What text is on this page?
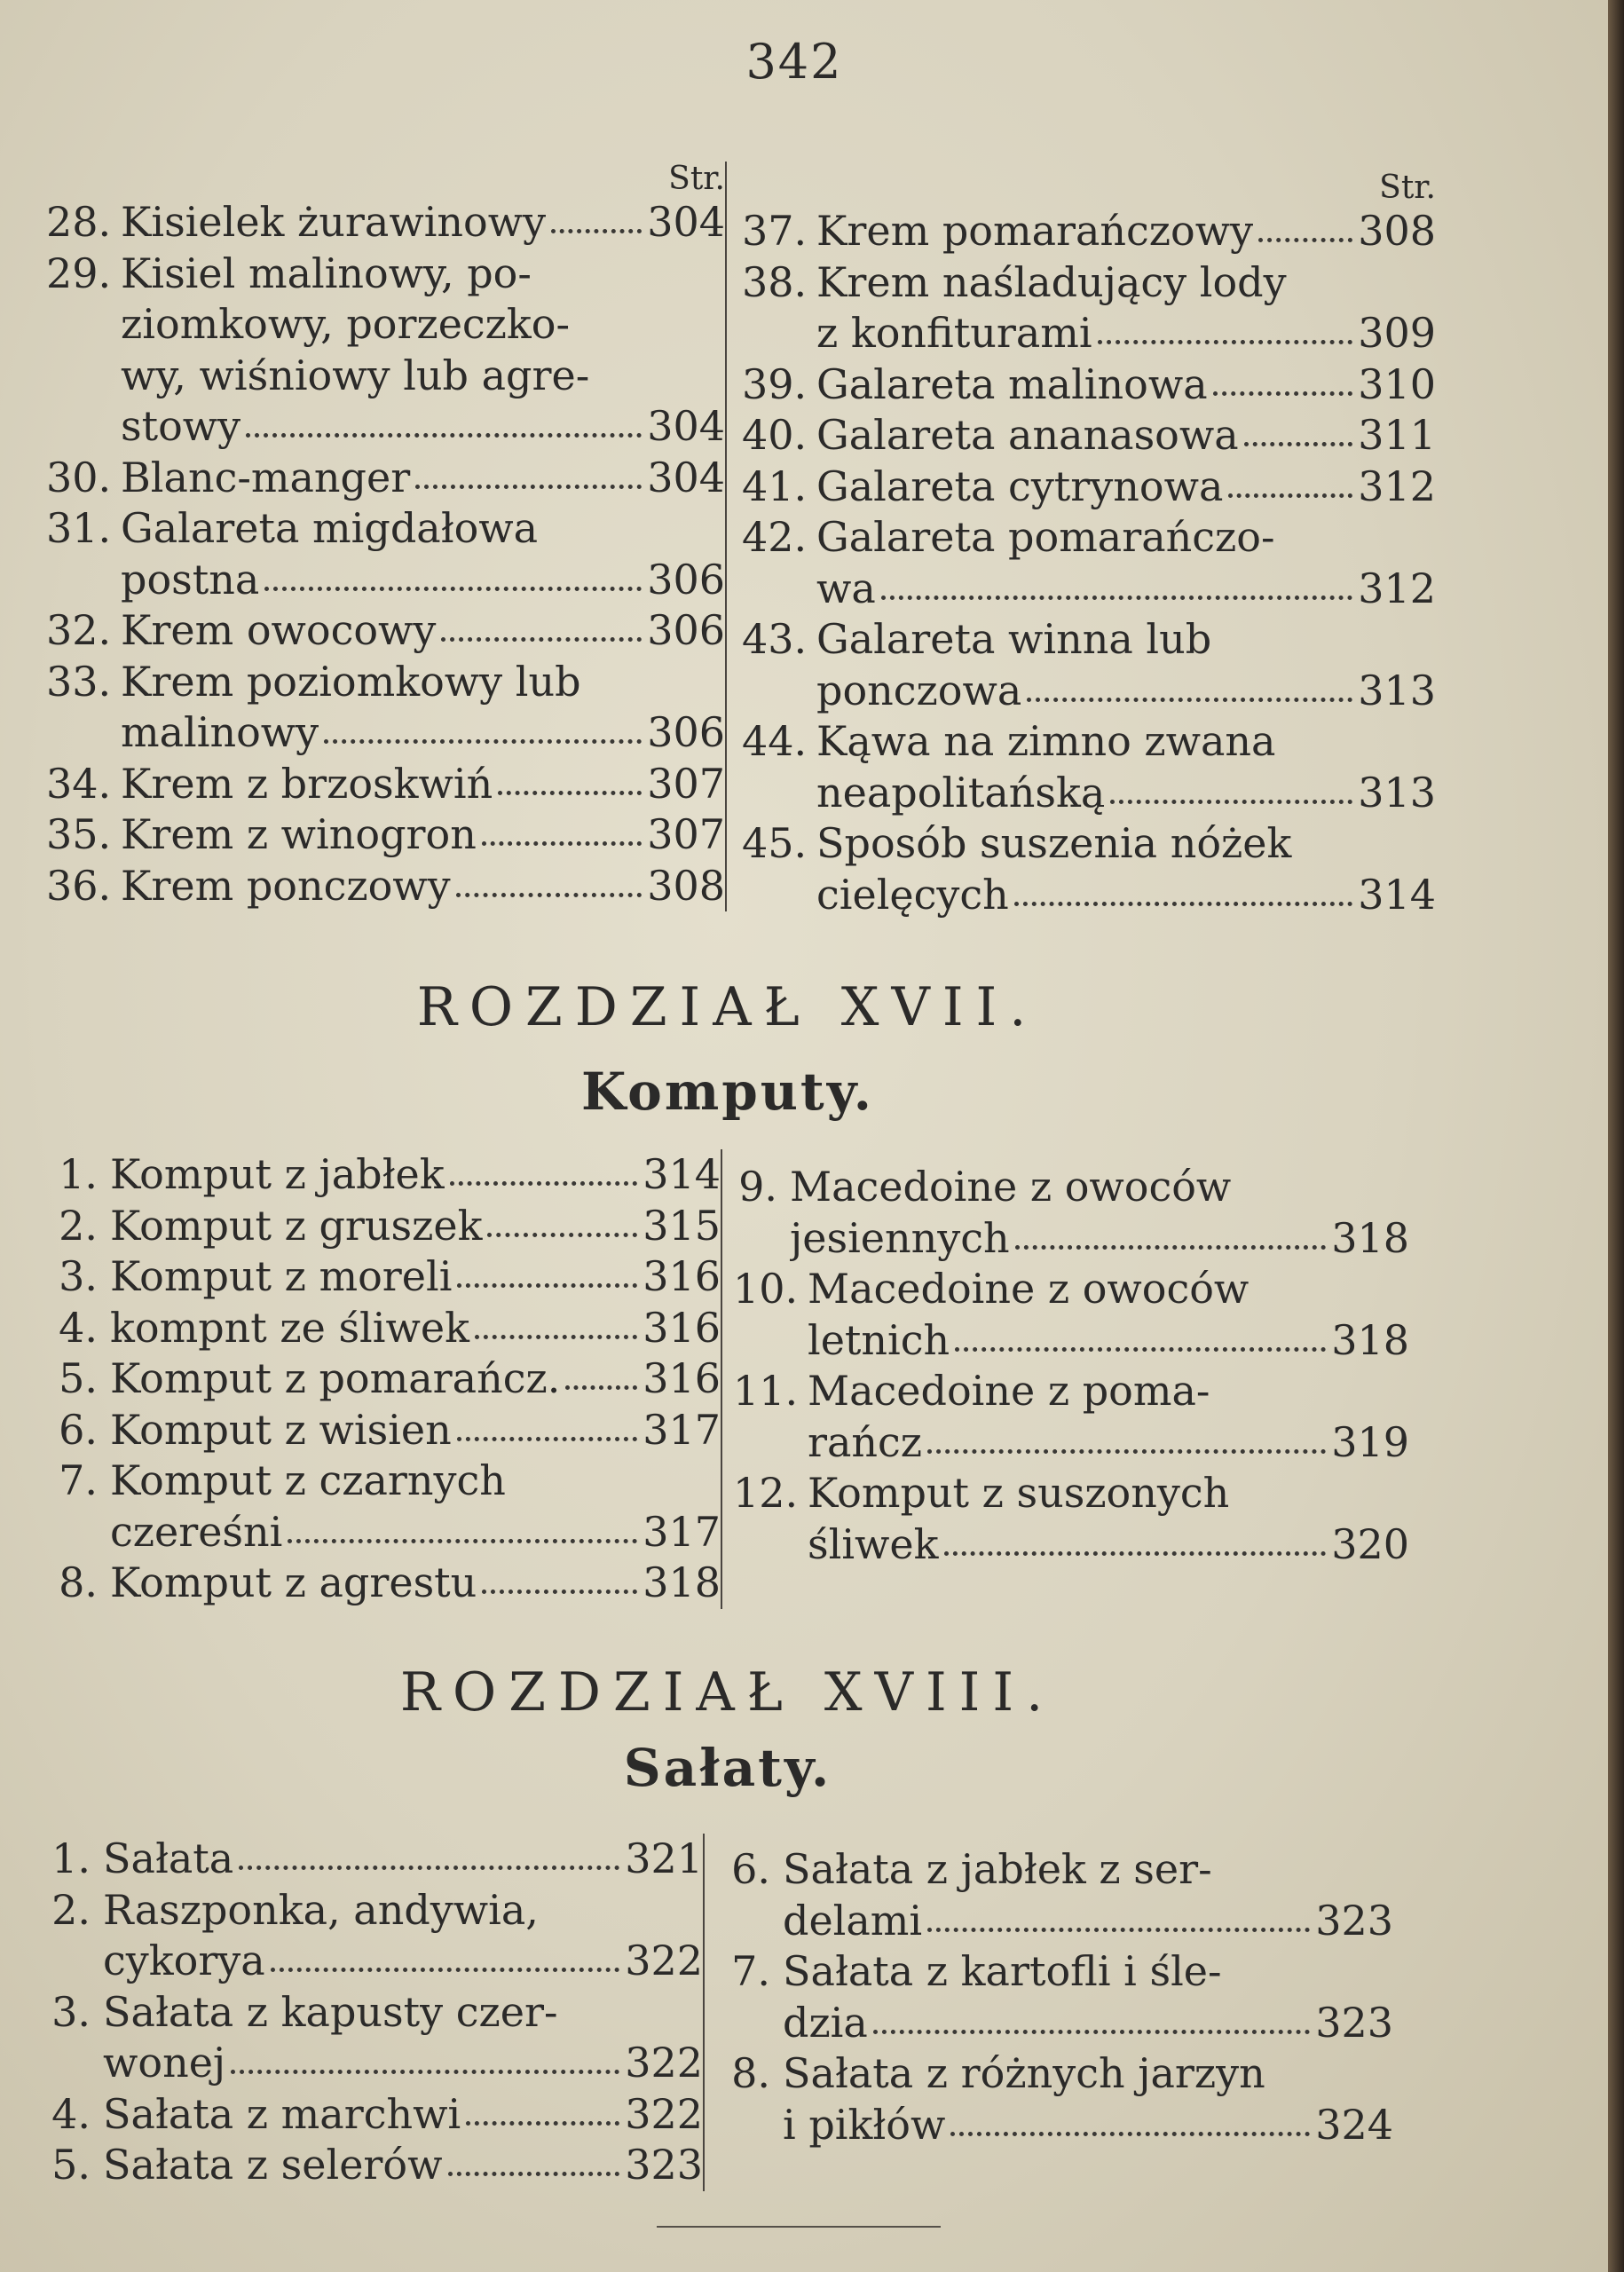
342
Str.
28. Kisielek żurawinowy 304
29. Kisiel malinowy, po-
ziomkowy, porzeczko-
wy, wiśniowy lub agre-
stowy	304
30. Blanc-manger	304
31. Galareta migdałowa
postna	306
32. Krem owocowy	306
33. Krem poziomkowy lub
malinowy	306
34. Krem z brzoskwiń	307
35. Krem z winogron	307
36. Krem ponczowy	308
Str.
37. Krem pomarańczowy	308
38. Krem naśladujący lody
z konfiturami	309
39. Galareta malinowa	310
40. Galareta ananasowa	311
41. Galareta cytrynowa	312
42. Galareta pomarańczo-
wa	312
43. Galareta winna lub
ponczowa	313
44. Kąwa na zimno zwana
neapolitańską	313
45. Sposób suszenia nóżek
cielęcych	314
ROZDZIAŁ XVII.
Komputy.
1. Komput z jabłek	314
2. Komput z gruszek	315
3. Komput z moreli	316
4. kompnt ze śliwek	316
5. Komput z pomarańcz. 316
6. Komput z wisien	317
7. Komput z czarnych
czereśni	317
8. Komput z agrestu	318
9. Macedoine z owoców
jesiennych	318
10. Macedoine z owoców
letnich	318
11. Macedoine z poma-
rańcz	319
12. Komput z suszonych
śliwek	320
ROZDZIAŁ XVIII.
Sałaty.
1. Sałata	321
2. Raszponka, andywia,
cykorya	322
3. Sałata z kapusty czer-
wonej	322
4. Sałata z marchwi	322
5. Sałata z selerów	323
6. Sałata z jabłek z ser-
delami	323
7. Sałata z kartofli i śle-
dzia	323
8. Sałata z różnych jarzyn
i pikłów	324
